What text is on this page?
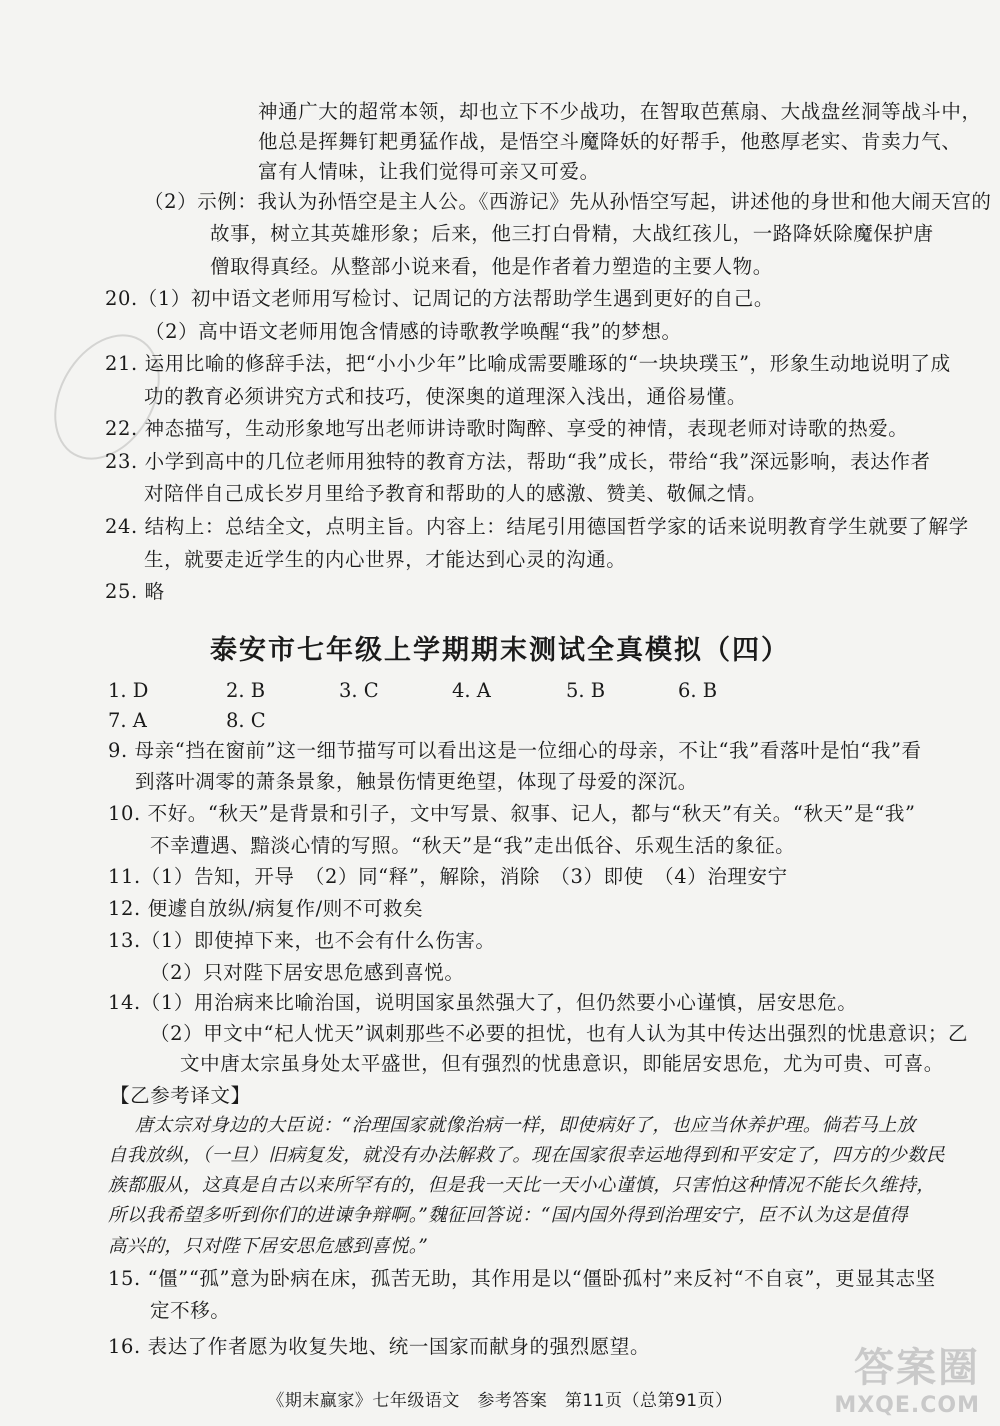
神通广大的超常本领，却也立下不少战功，在智取芭蕉扇、大战盘丝洞等战斗中，
他总是挥舞钉耙勇猛作战，是悟空斗魔降妖的好帮手，他憨厚老实、肯卖力气、
富有人情味，让我们觉得可亲又可爱。
（2）示例：我认为孙悟空是主人公。《西游记》先从孙悟空写起，讲述他的身世和他大闹天宫的
故事，树立其英雄形象；后来，他三打白骨精，大战红孩儿，一路降妖除魔保护唐
僧取得真经。从整部小说来看，他是作者着力塑造的主要人物。
20.（1）初中语文老师用写检讨、记周记的方法帮助学生遇到更好的自己。
（2）高中语文老师用饱含情感的诗歌教学唤醒“我”的梦想。
21. 运用比喻的修辞手法，把“小小少年”比喻成需要雕琢的“一块块璞玉”，形象生动地说明了成
功的教育必须讲究方式和技巧，使深奥的道理深入浅出，通俗易懂。
22. 神态描写，生动形象地写出老师讲诗歌时陶醉、享受的神情，表现老师对诗歌的热爱。
23. 小学到高中的几位老师用独特的教育方法，帮助“我”成长，带给“我”深远影响，表达作者
对陪伴自己成长岁月里给予教育和帮助的人的感激、赞美、敬佩之情。
24. 结构上：总结全文，点明主旨。内容上：结尾引用德国哲学家的话来说明教育学生就要了解学
生，就要走近学生的内心世界，才能达到心灵的沟通。
25. 略
泰安市七年级上学期期末测试全真模拟（四）
1. D	2. B	3. C	4. A	5. B	6. B
7. A	8. C
9. 母亲“挡在窗前”这一细节描写可以看出这是一位细心的母亲，不让“我”看落叶是怕“我”看
到落叶凋零的萧条景象，触景伤情更绝望，体现了母爱的深沉。
10. 不好。“秋天”是背景和引子，文中写景、叙事、记人，都与“秋天”有关。“秋天”是“我”
不幸遭遇、黯淡心情的写照。“秋天”是“我”走出低谷、乐观生活的象征。
11.（1）告知，开导　（2）同“释”，解除，消除　（3）即使　（4）治理安宁
12. 便遽自放纵/病复作/则不可救矣
13.（1）即使掉下来，也不会有什么伤害。
（2）只对陛下居安思危感到喜悦。
14.（1）用治病来比喻治国，说明国家虽然强大了，但仍然要小心谨慎，居安思危。
（2）甲文中“杞人忧天”讽刺那些不必要的担忧，也有人认为其中传达出强烈的忧患意识；乙
文中唐太宗虽身处太平盛世，但有强烈的忧患意识，即能居安思危，尤为可贵、可喜。
【乙参考译文】
唐太宗对身边的大臣说：“治理国家就像治病一样，即使病好了，也应当休养护理。倘若马上放
自我放纵，（一旦）旧病复发，就没有办法解救了。现在国家很幸运地得到和平安定了，四方的少数民
族都服从，这真是自古以来所罕有的，但是我一天比一天小心谨慎，只害怕这种情况不能长久维持，
所以我希望多听到你们的进谏争辩啊。”魏征回答说：“国内国外得到治理安宁，臣不认为这是值得
高兴的，只对陛下居安思危感到喜悦。”
15. “僵”“孤”意为卧病在床，孤苦无助，其作用是以“僵卧孤村”来反衬“不自哀”，更显其志坚
定不移。
16. 表达了作者愿为收复失地、统一国家而献身的强烈愿望。
《期末赢家》七年级语文　参考答案　第11页（总第91页）
答案圈
MXQE.COM
